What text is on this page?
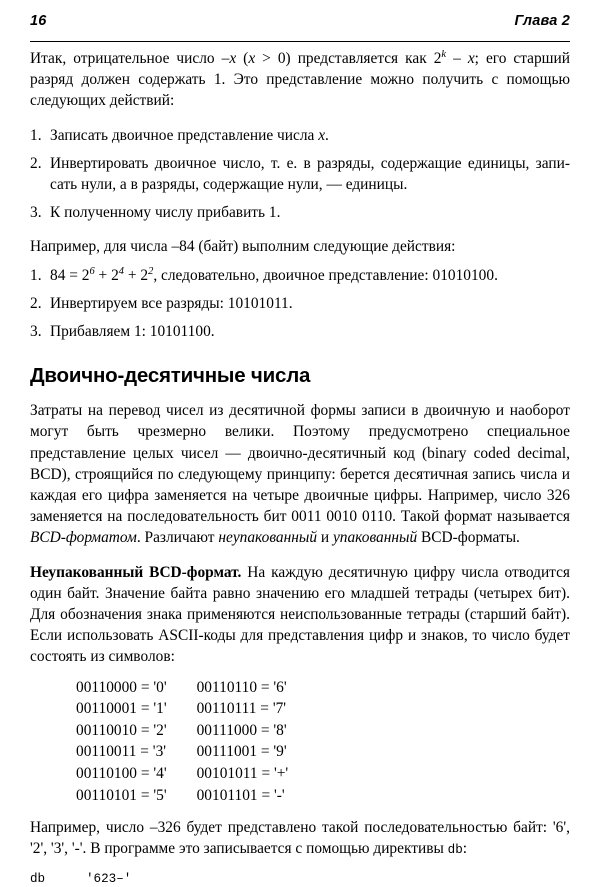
16	Глава 2

Итак, отрицательное число –x (x > 0) представляется как 2$^k$ – x; его старший разряд должен содержать 1. Это представление можно получить с помощью следующих действий:

1. Записать двоичное представление числа x.
2. Инвертировать двоичное число, т. е. в разряды, содержащие единицы, записать нули, а в разряды, содержащие нули, — единицы.
3. К полученному числу прибавить 1.

Например, для числа –84 (байт) выполним следующие действия:

1. $84 = 2^6 + 2^4 + 2^2$, следовательно, двоичное представление: 01010100.
2. Инвертируем все разряды: 10101011.
3. Прибавляем 1: 10101100.
Двоично-десятичные числа

Затраты на перевод чисел из десятичной формы записи в двоичную и наоборот могут быть чрезмерно велики. Поэтому предусмотрено специальное представление целых чисел — двоично-десятичный код (binary coded decimal, BCD), строящийся по следующему принципу: берется десятичная запись числа и каждая его цифра заменяется на четыре двоичные цифры. Например, число 326 заменяется на последовательность бит 0011 0010 0110. Такой формат называется BCD-форматом. Различают неупакованный и упакованный BCD-форматы.

Неупакованный BCD-формат. На каждую десятичную цифру числа отводится один байт. Значение байта равно значению его младшей тетрады (четырех бит). Для обозначения знака применяются неиспользованные тетрады (старший байт). Если использовать ASCII-коды для представления цифр и знаков, то число будет состоять из символов:

00110000 = '0'	00110110 = '6'
00110001 = '1'	00110111 = '7'
00110010 = '2'	00111000 = '8'
00110011 = '3'	00111001 = '9'
00110100 = '4'	00101011 = '+'
00110101 = '5'	00101101 = '-'

Например, число –326 будет представлено такой последовательностью байт: '6', '2', '3', '-'. В программе это записывается с помощью директивы db:

db	'623–'
